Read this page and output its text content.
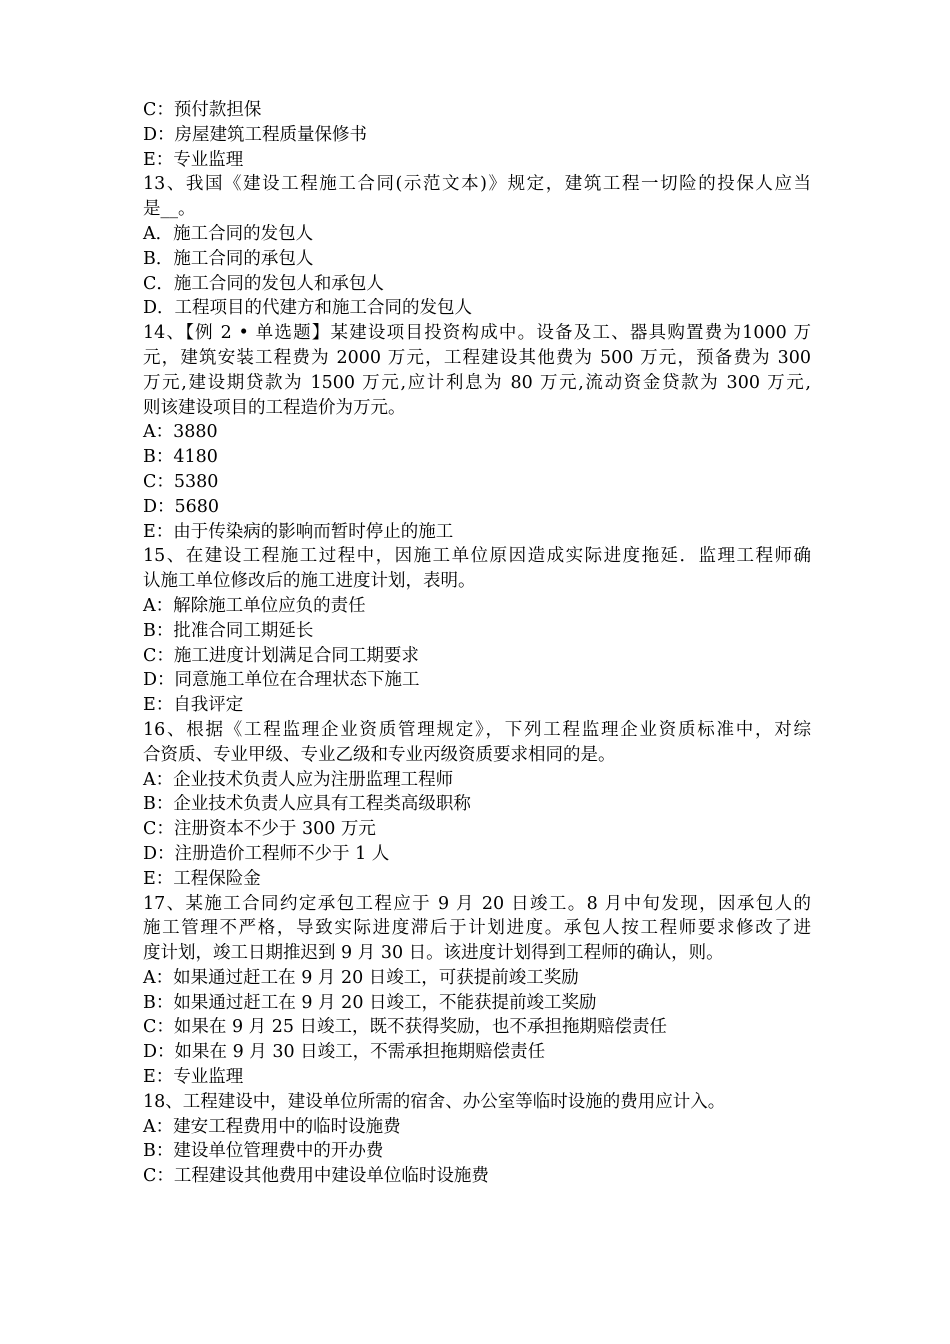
C：预付款担保
D：房屋建筑工程质量保修书
E：专业监理
13、我国《建设工程施工合同(示范文本)》规定，建筑工程一切险的投保人应当
是__。
A．施工合同的发包人
B．施工合同的承包人
C．施工合同的发包人和承包人
D．工程项目的代建方和施工合同的发包人
14、【例 2 • 单选题】某建设项目投资构成中。设备及工、器具购置费为1000 万
元，建筑安装工程费为 2000 万元，工程建设其他费为 500 万元，预备费为 300
万元,建设期贷款为 1500 万元,应计利息为 80 万元,流动资金贷款为 300 万元,
则该建设项目的工程造价为万元。
A：3880
B：4180
C：5380
D：5680
E：由于传染病的影响而暂时停止的施工
15、在建设工程施工过程中，因施工单位原因造成实际进度拖延．监理工程师确
认施工单位修改后的施工进度计划，表明。
A：解除施工单位应负的责任
B：批准合同工期延长
C：施工进度计划满足合同工期要求
D：同意施工单位在合理状态下施工
E：自我评定
16、根据《工程监理企业资质管理规定》，下列工程监理企业资质标准中，对综
合资质、专业甲级、专业乙级和专业丙级资质要求相同的是。
A：企业技术负责人应为注册监理工程师
B：企业技术负责人应具有工程类高级职称
C：注册资本不少于 300 万元
D：注册造价工程师不少于 1 人
E：工程保险金
17、某施工合同约定承包工程应于 9 月 20 日竣工。8 月中旬发现，因承包人的
施工管理不严格，导致实际进度滞后于计划进度。承包人按工程师要求修改了进
度计划，竣工日期推迟到 9 月 30 日。该进度计划得到工程师的确认，则。
A：如果通过赶工在 9 月 20 日竣工，可获提前竣工奖励
B：如果通过赶工在 9 月 20 日竣工，不能获提前竣工奖励
C：如果在 9 月 25 日竣工，既不获得奖励，也不承担拖期赔偿责任
D：如果在 9 月 30 日竣工，不需承担拖期赔偿责任
E：专业监理
18、工程建设中，建设单位所需的宿舍、办公室等临时设施的费用应计入。
A：建安工程费用中的临时设施费
B：建设单位管理费中的开办费
C：工程建设其他费用中建设单位临时设施费
